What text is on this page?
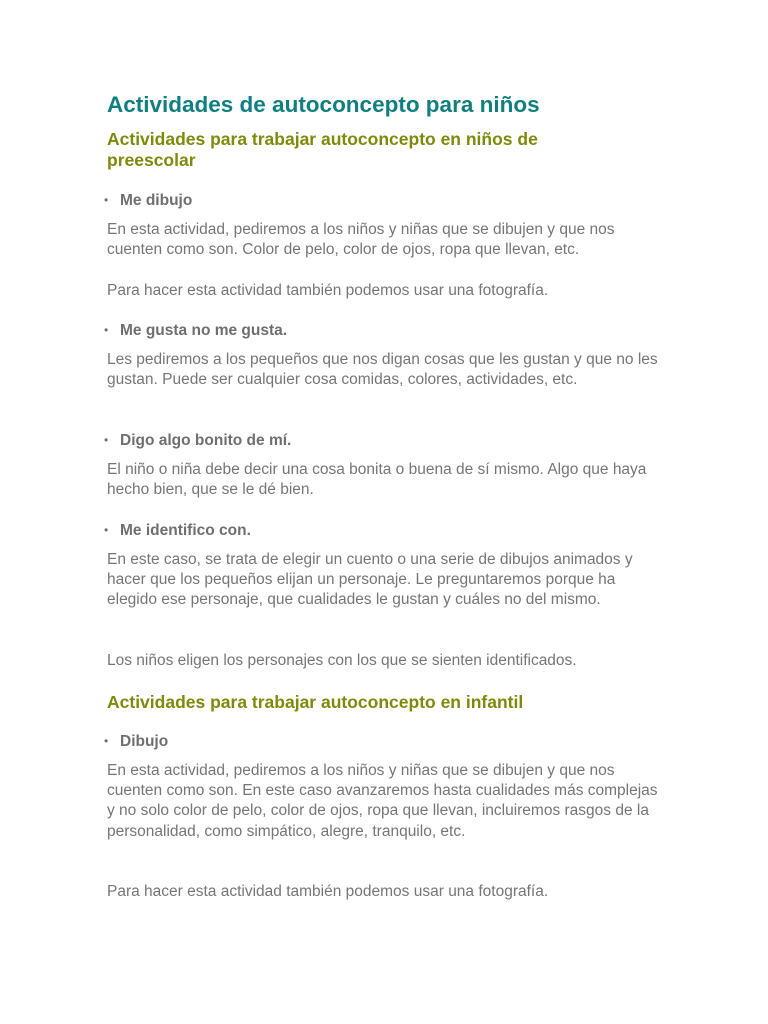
Actividades de autoconcepto para niños
Actividades para trabajar autoconcepto en niños de preescolar
• Me dibujo

En esta actividad, pediremos a los niños y niñas que se dibujen y que nos cuenten como son. Color de pelo, color de ojos, ropa que llevan, etc.

Para hacer esta actividad también podemos usar una fotografía.

• Me gusta no me gusta.

Les pediremos a los pequeños que nos digan cosas que les gustan y que no les gustan. Puede ser cualquier cosa comidas, colores, actividades, etc.

• Digo algo bonito de mí.

El niño o niña debe decir una cosa bonita o buena de sí mismo. Algo que haya hecho bien, que se le dé bien.

• Me identifico con.

En este caso, se trata de elegir un cuento o una serie de dibujos animados y hacer que los pequeños elijan un personaje. Le preguntaremos porque ha elegido ese personaje, que cualidades le gustan y cuáles no del mismo.

Los niños eligen los personajes con los que se sienten identificados.

Actividades para trabajar autoconcepto en infantil
• Dibujo

En esta actividad, pediremos a los niños y niñas que se dibujen y que nos cuenten como son. En este caso avanzaremos hasta cualidades más complejas y no solo color de pelo, color de ojos, ropa que llevan, incluiremos rasgos de la personalidad, como simpático, alegre, tranquilo, etc.

Para hacer esta actividad también podemos usar una fotografía.
